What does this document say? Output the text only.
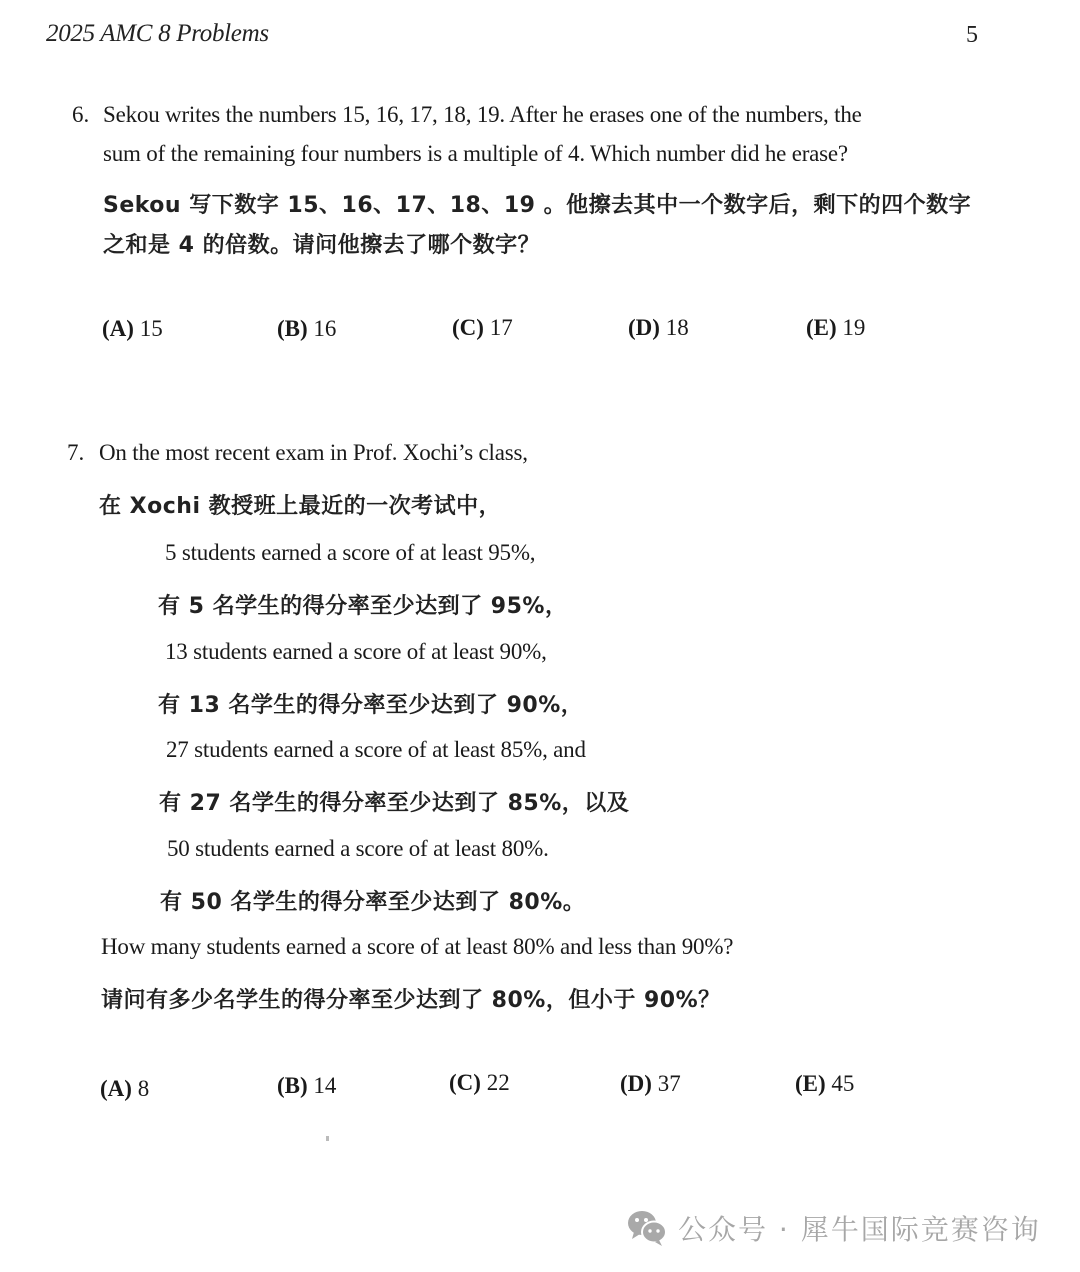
2025 AMC 8 Problems	5
6. Sekou writes the numbers 15, 16, 17, 18, 19. After he erases one of the numbers, the
sum of the remaining four numbers is a multiple of 4. Which number did he erase?
Sekou 写下数字 15、16、17、18、19 。他擦去其中一个数字后，剩下的四个数字
之和是 4 的倍数。请问他擦去了哪个数字？
(A) 15	(B) 16	(C) 17	(D) 18	(E) 19
7. On the most recent exam in Prof. Xochi’s class,
在 Xochi 教授班上最近的一次考试中，
5 students earned a score of at least 95%,
有 5 名学生的得分率至少达到了 95%，
13 students earned a score of at least 90%,
有 13 名学生的得分率至少达到了 90%，
27 students earned a score of at least 85%, and
有 27 名学生的得分率至少达到了 85%，以及
50 students earned a score of at least 80%.
有 50 名学生的得分率至少达到了 80%。
How many students earned a score of at least 80% and less than 90%?
请问有多少名学生的得分率至少达到了 80%，但小于 90%？
(A) 8	(B) 14	(C) 22	(D) 37	(E) 45
公众号 · 犀牛国际竞赛咨询
